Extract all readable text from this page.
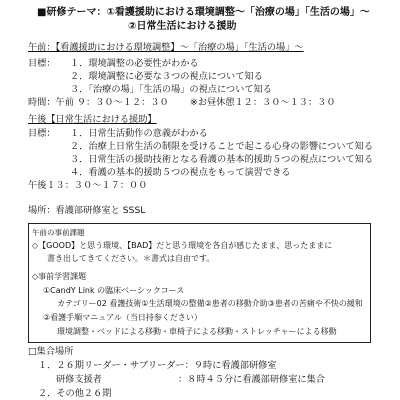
■研修テーマ：①看護援助における環境調整～「治療の場」「生活の場」～
②日常生活における援助
午前：【看護援助における環境調整】～「治療の場」「生活の場」～
目標：	１．環境調整の必要性がわかる
２．環境調整に必要な３つの視点について知る
３．「治療の場」「生活の場」の視点について知る
時間：午前 ９：３０～１２：３０	※お昼休憩１２：３０～１３：３０
午後【日常生活における援助】
目標：	１．日常生活動作の意義がわかる
２．治療上日常生活の制限を受けることで起こる心身の影響について知る
３．日常生活の援助技術となる看護の基本的援助５つの視点について知る
４．看護の基本的援助５つの視点をもって演習できる
午後１３：３０～１７：００
場所：看護部研修室と SSSL
午前の事前課題
◇【GOOD】と思う環境、【BAD】だと思う環境を各自が感じたまま、思ったままに
書き出してきてください。＊書式は自由です。
◇事前学習課題
①CandY Link の臨床ベーシックコース
カテゴリー02 看護技術①生活環境の整備②患者の移動介助③患者の苦痛や不快の緩和
②看護手順マニュアル（当日持参ください）
環境調整・ベッドによる移動・車椅子による移動・ストレッチャーによる移動
□集合場所
１．２６期リーダー・サブリーダー：９時に看護部研修室
研修支援者	：８時４５分に看護部研修室に集合
２．その他２６期
